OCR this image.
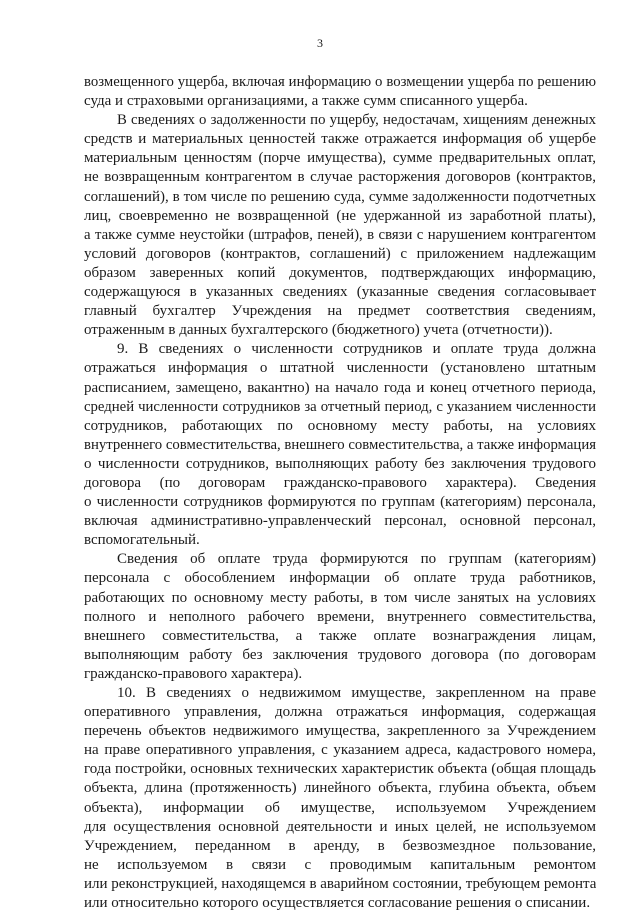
3
возмещенного ущерба, включая информацию о возмещении ущерба по решению
суда и страховыми организациями, а также сумм списанного ущерба.
В сведениях о задолженности по ущербу, недостачам, хищениям денежных
средств и материальных ценностей также отражается информация об ущербе
материальным ценностям (порче имущества), сумме предварительных оплат,
не возвращенным контрагентом в случае расторжения договоров (контрактов,
соглашений), в том числе по решению суда, сумме задолженности подотчетных
лиц, своевременно не возвращенной (не удержанной из заработной платы),
а также сумме неустойки (штрафов, пеней), в связи с нарушением контрагентом
условий договоров (контрактов, соглашений) с приложением надлежащим
образом заверенных копий документов, подтверждающих информацию,
содержащуюся в указанных сведениях (указанные сведения согласовывает
главный бухгалтер Учреждения на предмет соответствия сведениям,
отраженным в данных бухгалтерского (бюджетного) учета (отчетности)).
9. В сведениях о численности сотрудников и оплате труда должна
отражаться информация о штатной численности (установлено штатным
расписанием, замещено, вакантно) на начало года и конец отчетного периода,
средней численности сотрудников за отчетный период, с указанием численности
сотрудников, работающих по основному месту работы, на условиях
внутреннего совместительства, внешнего совместительства, а также информация
о численности сотрудников, выполняющих работу без заключения трудового
договора (по договорам гражданско-правового характера). Сведения
о численности сотрудников формируются по группам (категориям) персонала,
включая административно-управленческий персонал, основной персонал,
вспомогательный.
Сведения об оплате труда формируются по группам (категориям)
персонала с обособлением информации об оплате труда работников,
работающих по основному месту работы, в том числе занятых на условиях
полного и неполного рабочего времени, внутреннего совместительства,
внешнего совместительства, а также оплате вознаграждения лицам,
выполняющим работу без заключения трудового договора (по договорам
гражданско-правового характера).
10. В сведениях о недвижимом имуществе, закрепленном на праве
оперативного управления, должна отражаться информация, содержащая
перечень объектов недвижимого имущества, закрепленного за Учреждением
на праве оперативного управления, с указанием адреса, кадастрового номера,
года постройки, основных технических характеристик объекта (общая площадь
объекта, длина (протяженность) линейного объекта, глубина объекта, объем
объекта), информации об имуществе, используемом Учреждением
для осуществления основной деятельности и иных целей, не используемом
Учреждением, переданном в аренду, в безвозмездное пользование,
не используемом в связи с проводимым капитальным ремонтом
или реконструкцией, находящемся в аварийном состоянии, требующем ремонта
или относительно которого осуществляется согласование решения о списании.
